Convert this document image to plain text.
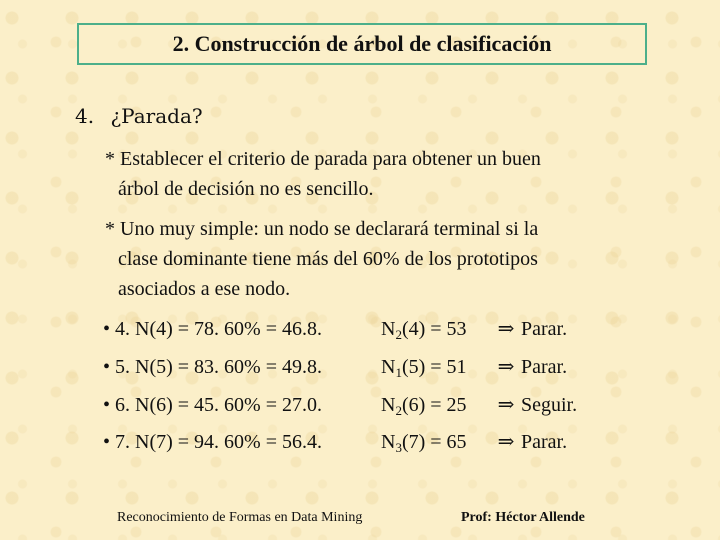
2. Construcción de árbol de clasificación
4. ¿Parada?
* Establecer el criterio de parada para obtener un buen
árbol de decisión no es sencillo.
* Uno muy simple: un nodo se declarará terminal si la
clase dominante tiene más del 60% de los prototipos
asociados a ese nodo.
• 4. N(4) = 78. 60% = 46.8.	$N_2(4) = 53$	⇒ Parar.
• 5. N(5) = 83. 60% = 49.8.	$N_1(5) = 51$	⇒ Parar.
• 6. N(6) = 45. 60% = 27.0.	$N_2(6) = 25$	⇒ Seguir.
• 7. N(7) = 94. 60% = 56.4.	$N_3(7) = 65$	⇒ Parar.
Reconocimiento de Formas en Data Mining	Prof: Héctor Allende
